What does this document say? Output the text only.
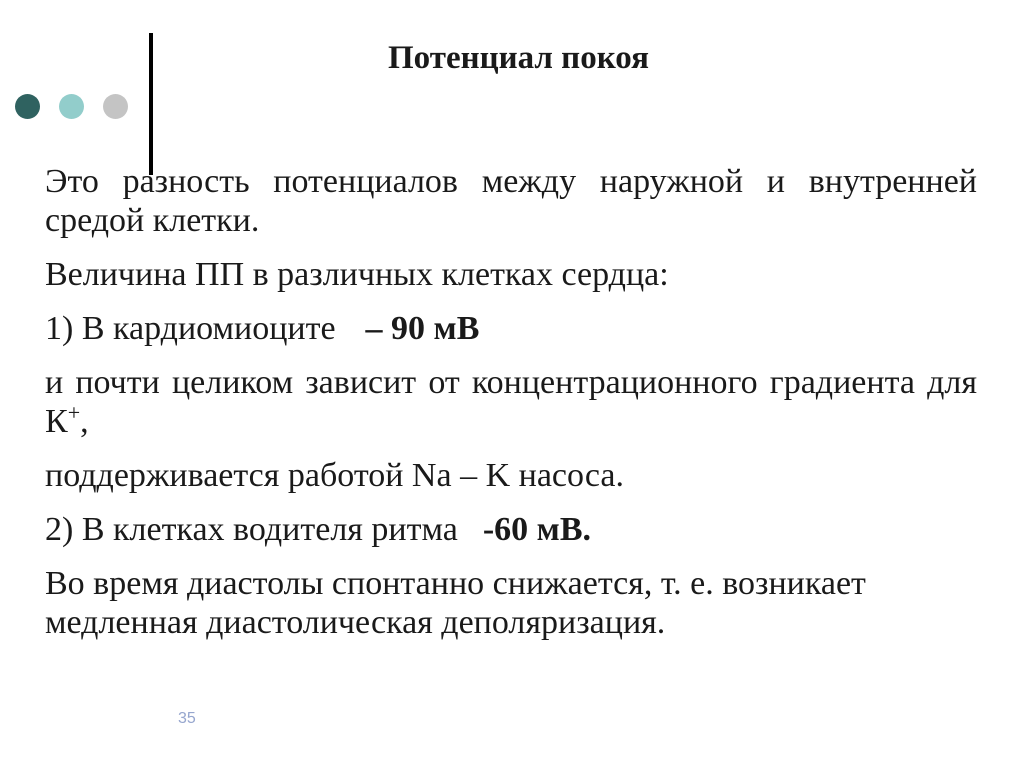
Потенциал покоя

Это разность потенциалов между наружной и внутренней средой клетки.

Величина ПП в различных клетках сердца:

1) В кардиомиоците – 90 мВ

и почти целиком зависит от концентрационного градиента для К+,

поддерживается работой Na – K насоса.

2) В клетках водителя ритма -60 мВ.

Во время диастолы спонтанно снижается, т. е. возникает медленная диастолическая деполяризация.

35
